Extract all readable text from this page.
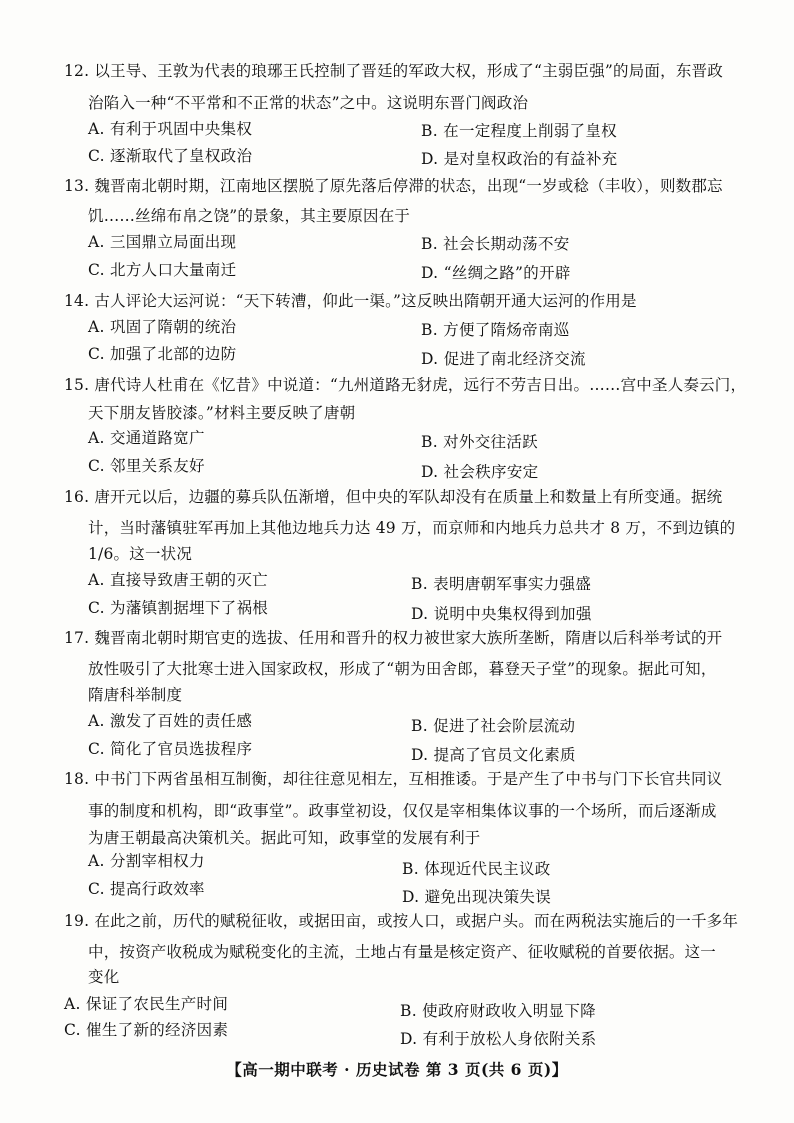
12. 以王导、王敦为代表的琅琊王氏控制了晋廷的军政大权，形成了“主弱臣强”的局面，东晋政
治陷入一种“不平常和不正常的状态”之中。这说明东晋门阀政治
A. 有利于巩固中央集权	B. 在一定程度上削弱了皇权
C. 逐渐取代了皇权政治	D. 是对皇权政治的有益补充
13. 魏晋南北朝时期，江南地区摆脱了原先落后停滞的状态，出现“一岁或稔（丰收），则数郡忘
饥……丝绵布帛之饶”的景象，其主要原因在于
A. 三国鼎立局面出现	B. 社会长期动荡不安
C. 北方人口大量南迁	D. “丝绸之路”的开辟
14. 古人评论大运河说：“天下转漕，仰此一渠。”这反映出隋朝开通大运河的作用是
A. 巩固了隋朝的统治	B. 方便了隋炀帝南巡
C. 加强了北部的边防	D. 促进了南北经济交流
15. 唐代诗人杜甫在《忆昔》中说道：“九州道路无豺虎，远行不劳吉日出。……宫中圣人奏云门，
天下朋友皆胶漆。”材料主要反映了唐朝
A. 交通道路宽广	B. 对外交往活跃
C. 邻里关系友好	D. 社会秩序安定
16. 唐开元以后，边疆的募兵队伍渐增，但中央的军队却没有在质量上和数量上有所变通。据统
计，当时藩镇驻军再加上其他边地兵力达 49 万，而京师和内地兵力总共才 8 万，不到边镇的
1/6。这一状况
A. 直接导致唐王朝的灭亡	B. 表明唐朝军事实力强盛
C. 为藩镇割据埋下了祸根	D. 说明中央集权得到加强
17. 魏晋南北朝时期官吏的选拔、任用和晋升的权力被世家大族所垄断，隋唐以后科举考试的开
放性吸引了大批寒士进入国家政权，形成了“朝为田舍郎，暮登天子堂”的现象。据此可知，
隋唐科举制度
A. 激发了百姓的责任感	B. 促进了社会阶层流动
C. 简化了官员选拔程序	D. 提高了官员文化素质
18. 中书门下两省虽相互制衡，却往往意见相左，互相推诿。于是产生了中书与门下长官共同议
事的制度和机构，即“政事堂”。政事堂初设，仅仅是宰相集体议事的一个场所，而后逐渐成
为唐王朝最高决策机关。据此可知，政事堂的发展有利于
A. 分割宰相权力	B. 体现近代民主议政
C. 提高行政效率	D. 避免出现决策失误
19. 在此之前，历代的赋税征收，或据田亩，或按人口，或据户头。而在两税法实施后的一千多年
中，按资产收税成为赋税变化的主流，土地占有量是核定资产、征收赋税的首要依据。这一
变化
A. 保证了农民生产时间	B. 使政府财政收入明显下降
C. 催生了新的经济因素	D. 有利于放松人身依附关系
【高一期中联考 · 历史试卷 第 3 页(共 6 页)】
